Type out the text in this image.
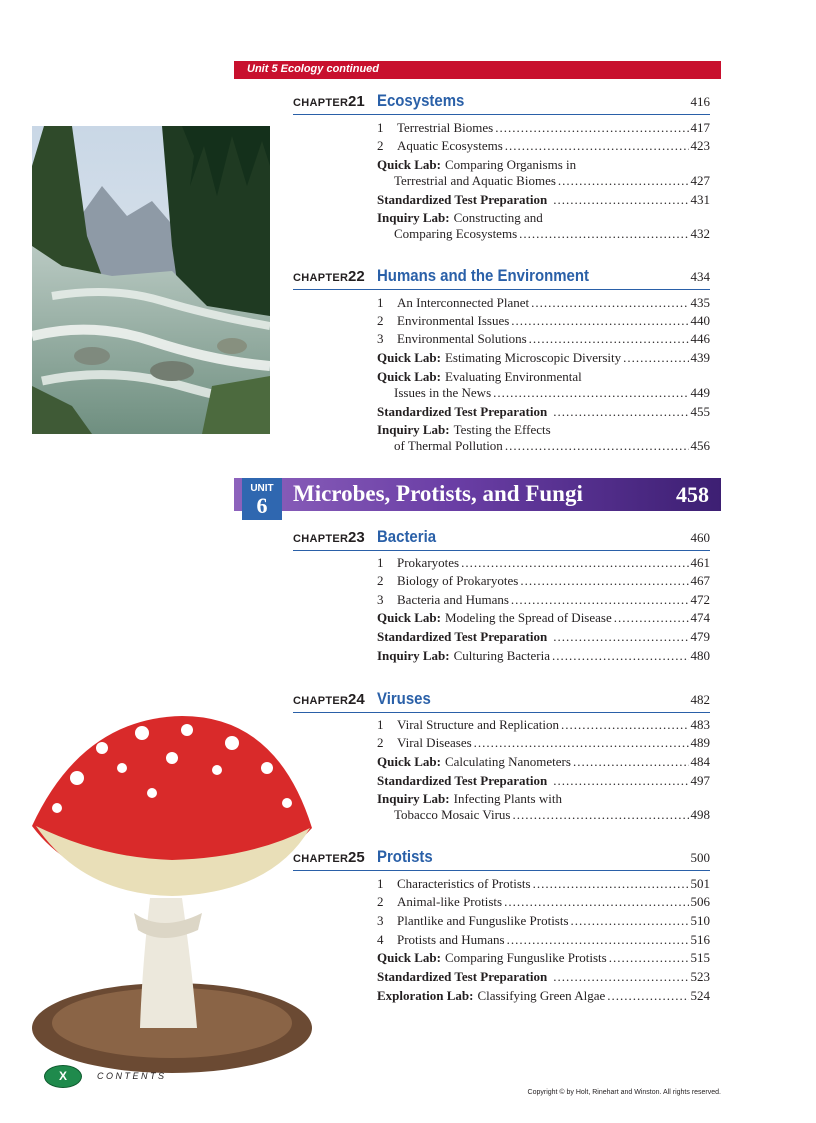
Unit 5 Ecology continued
CHAPTER 21 Ecosystems	416
1	Terrestrial Biomes .....	417
2	Aquatic Ecosystems .....	423
Quick Lab: Comparing Organisms in
Terrestrial and Aquatic Biomes .....	427
Standardized Test Preparation .....	431
Inquiry Lab: Constructing and
Comparing Ecosystems .....	432
CHAPTER 22 Humans and the Environment	434
1	An Interconnected Planet .....	435
2	Environmental Issues .....	440
3	Environmental Solutions .....	446
Quick Lab: Estimating Microscopic Diversity .....	439
Quick Lab: Evaluating Environmental
Issues in the News .....	449
Standardized Test Preparation .....	455
Inquiry Lab: Testing the Effects
of Thermal Pollution .....	456
UNIT
6	Microbes, Protists, and Fungi	458
CHAPTER 23 Bacteria	460
1	Prokaryotes .....	461
2	Biology of Prokaryotes .....	467
3	Bacteria and Humans .....	472
Quick Lab: Modeling the Spread of Disease .....	474
Standardized Test Preparation .....	479
Inquiry Lab: Culturing Bacteria .....	480
CHAPTER 24 Viruses	482
1	Viral Structure and Replication .....	483
2	Viral Diseases .....	489
Quick Lab: Calculating Nanometers .....	484
Standardized Test Preparation .....	497
Inquiry Lab: Infecting Plants with
Tobacco Mosaic Virus .....	498
CHAPTER 25 Protists	500
1	Characteristics of Protists .....	501
2	Animal-like Protists .....	506
3	Plantlike and Funguslike Protists .....	510
4	Protists and Humans .....	516
Quick Lab: Comparing Funguslike Protists .....	515
Standardized Test Preparation .....	523
Exploration Lab: Classifying Green Algae .....	524
X	CONTENTS
Copyright © by Holt, Rinehart and Winston. All rights reserved.
